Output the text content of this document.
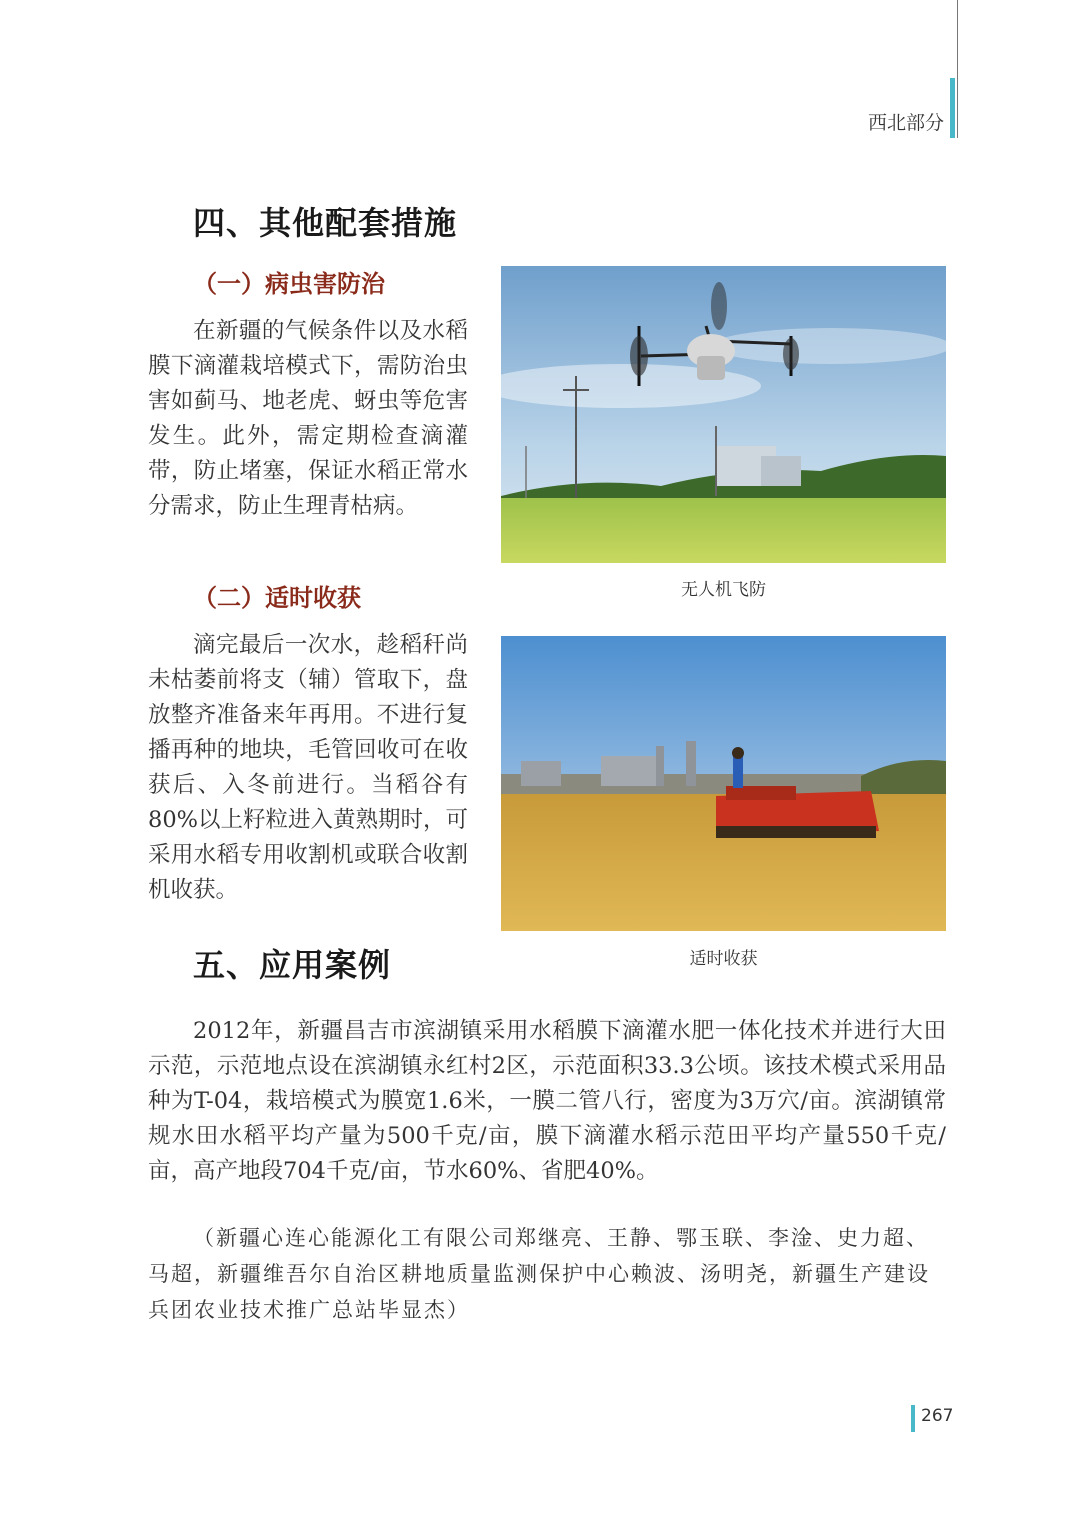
西北部分
四、其他配套措施
（一）病虫害防治

在新疆的气候条件以及水稻膜下滴灌栽培模式下，需防治虫害如蓟马、地老虎、蚜虫等危害发生。此外，需定期检查滴灌带，防止堵塞，保证水稻正常水分需求，防止生理青枯病。

（二）适时收获

滴完最后一次水，趁稻秆尚未枯萎前将支（辅）管取下，盘放整齐准备来年再用。不进行复播再种的地块，毛管回收可在收获后、入冬前进行。当稻谷有80%以上籽粒进入黄熟期时，可采用水稻专用收割机或联合收割机收获。

无人机飞防
适时收获
五、应用案例

2012年，新疆昌吉市滨湖镇采用水稻膜下滴灌水肥一体化技术并进行大田示范，示范地点设在滨湖镇永红村2区，示范面积33.3公顷。该技术模式采用品种为T-04，栽培模式为膜宽1.6米，一膜二管八行，密度为3万穴/亩。滨湖镇常规水田水稻平均产量为500千克/亩，膜下滴灌水稻示范田平均产量550千克/亩，高产地段704千克/亩，节水60%、省肥40%。

（新疆心连心能源化工有限公司郑继亮、王静、鄂玉联、李淦、史力超、马超，新疆维吾尔自治区耕地质量监测保护中心赖波、汤明尧，新疆生产建设兵团农业技术推广总站毕显杰）

267
